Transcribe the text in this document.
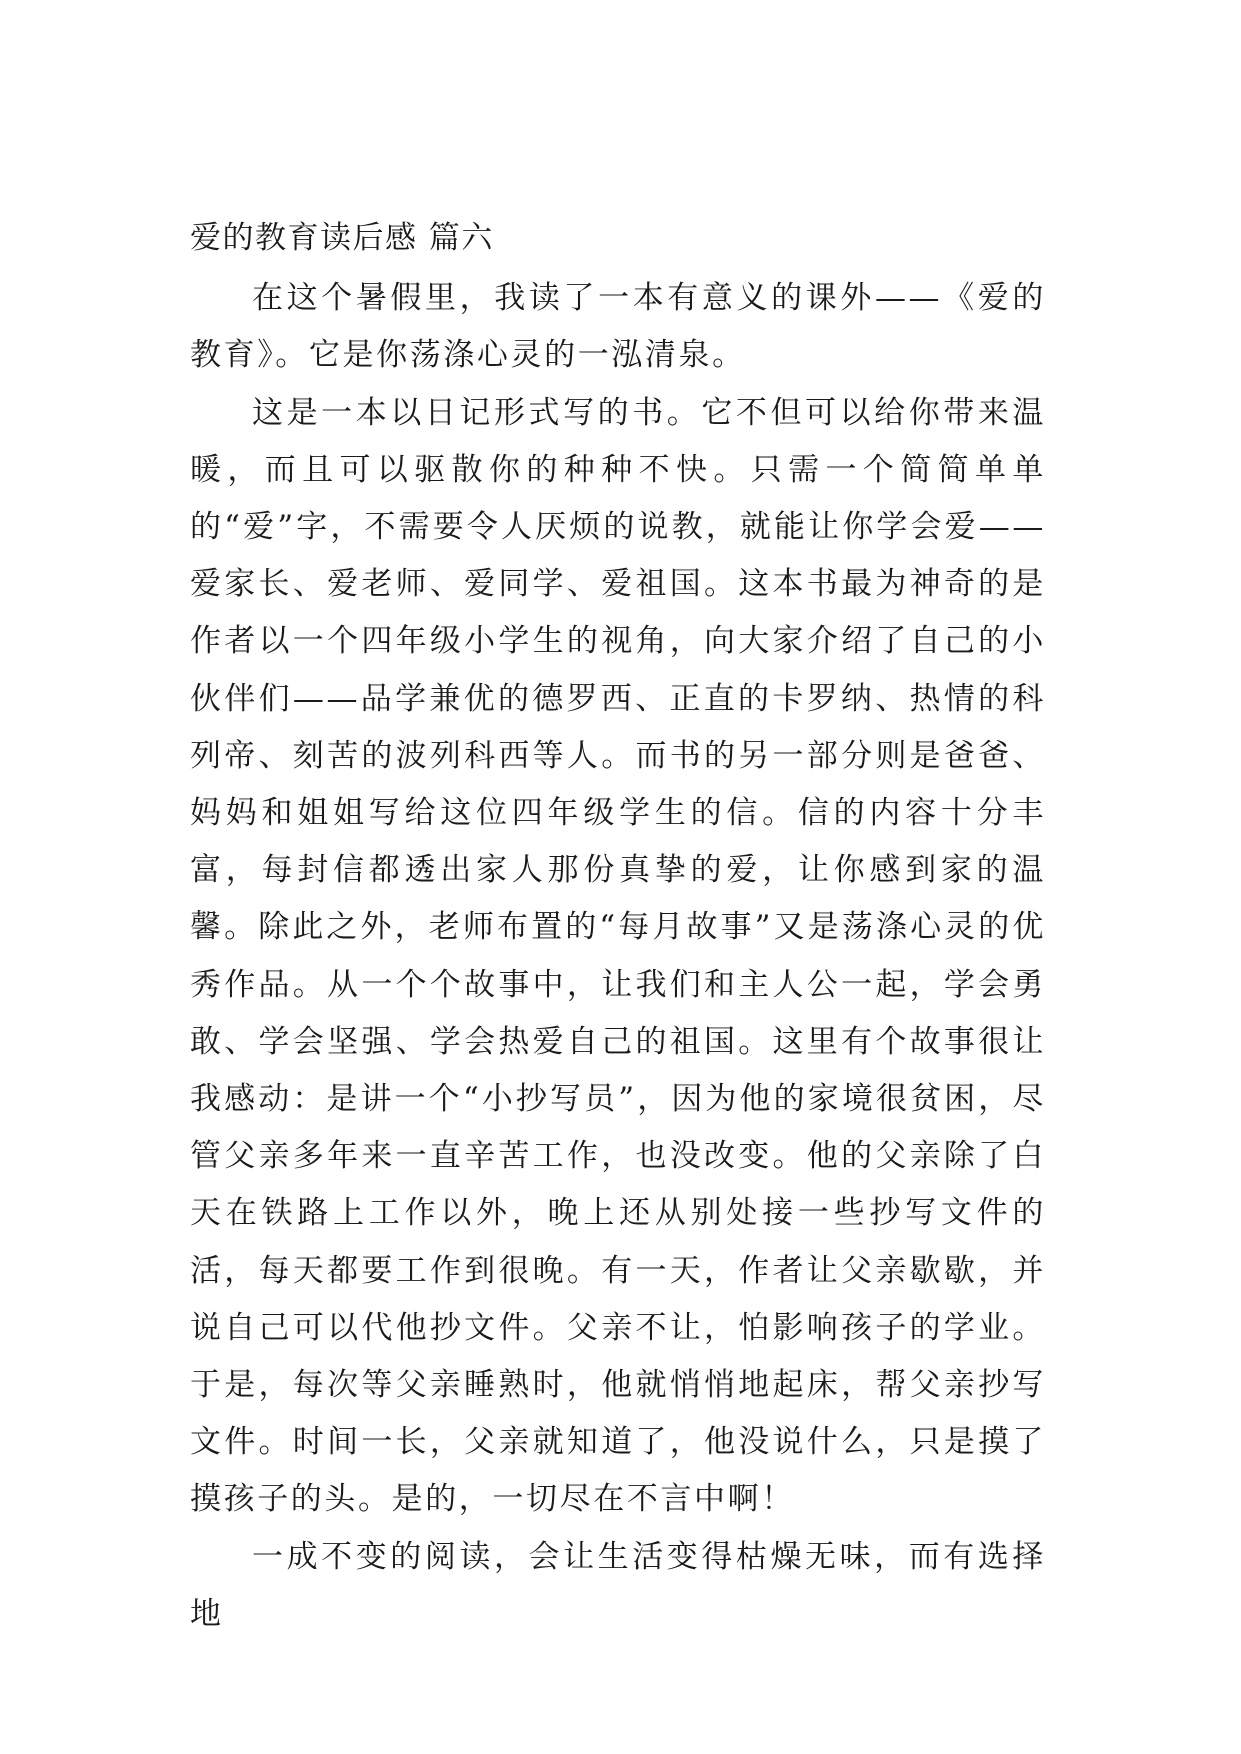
爱的教育读后感 篇六

在这个暑假里，我读了一本有意义的课外——《爱的教育》。它是你荡涤心灵的一泓清泉。

这是一本以日记形式写的书。它不但可以给你带来温暖，而且可以驱散你的种种不快。只需一个简简单单的“爱”字，不需要令人厌烦的说教，就能让你学会爱——爱家长、爱老师、爱同学、爱祖国。这本书最为神奇的是作者以一个四年级小学生的视角，向大家介绍了自己的小伙伴们——品学兼优的德罗西、正直的卡罗纳、热情的科列帝、刻苦的波列科西等人。而书的另一部分则是爸爸、妈妈和姐姐写给这位四年级学生的信。信的内容十分丰富，每封信都透出家人那份真挚的爱，让你感到家的温馨。除此之外，老师布置的“每月故事”又是荡涤心灵的优秀作品。从一个个故事中，让我们和主人公一起，学会勇敢、学会坚强、学会热爱自己的祖国。这里有个故事很让我感动：是讲一个“小抄写员”，因为他的家境很贫困，尽管父亲多年来一直辛苦工作，也没改变。他的父亲除了白天在铁路上工作以外，晚上还从别处接一些抄写文件的活，每天都要工作到很晚。有一天，作者让父亲歇歇，并说自己可以代他抄文件。父亲不让，怕影响孩子的学业。于是，每次等父亲睡熟时，他就悄悄地起床，帮父亲抄写文件。时间一长，父亲就知道了，他没说什么，只是摸了摸孩子的头。是的，一切尽在不言中啊！

一成不变的阅读，会让生活变得枯燥无味，而有选择地
